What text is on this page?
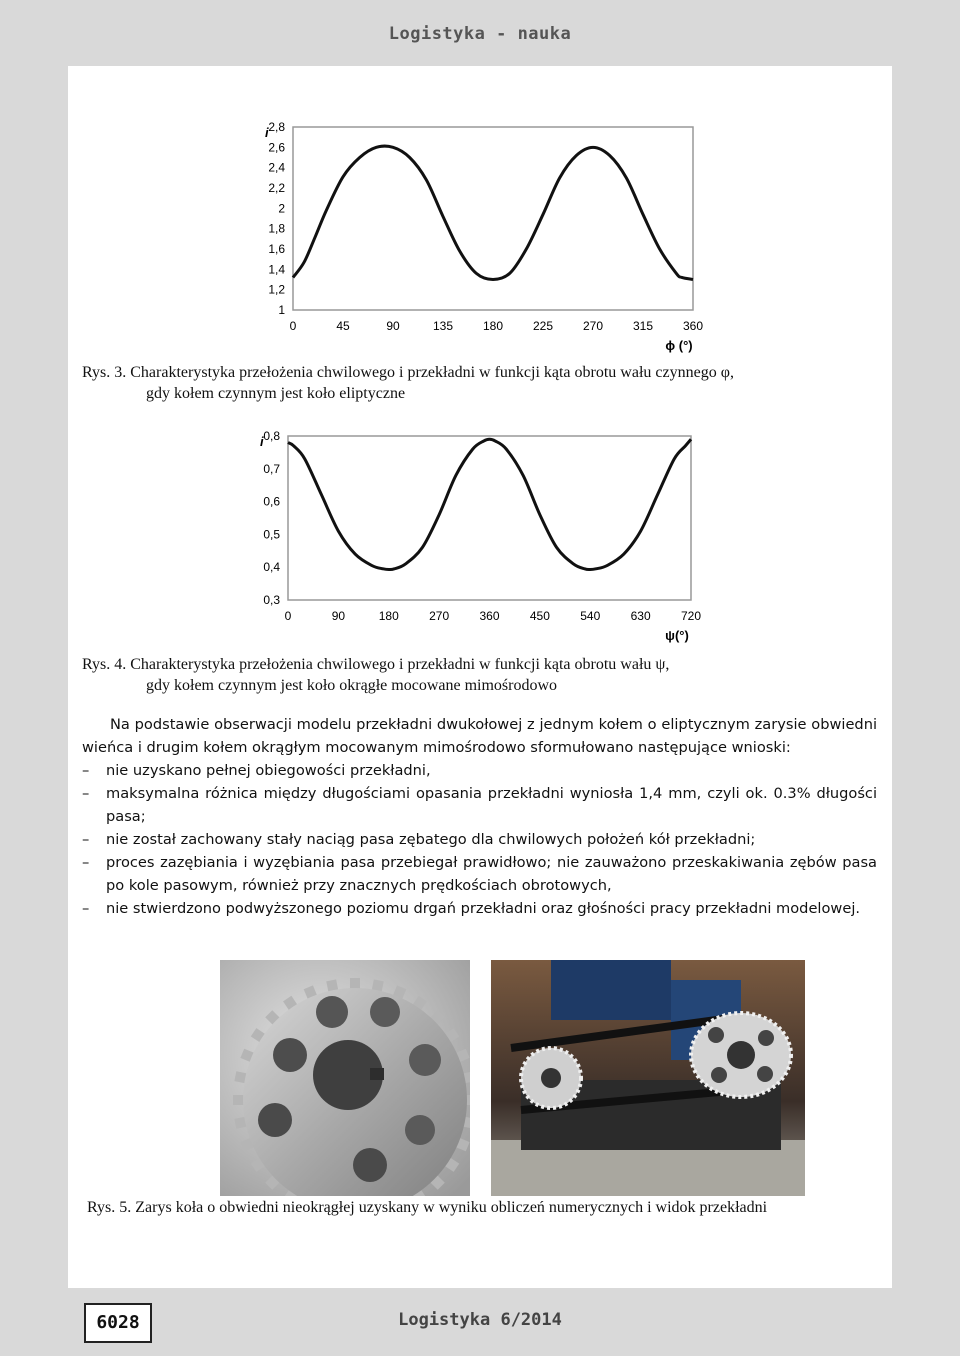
Logistyka - nauka
1
1,2
1,4
1,6
1,8
2
2,2
2,4
2,6
2,8
0	45	90	135 180 225 270 315 360
i
ϕ (°)
Rys. 3. Charakterystyka przełożenia chwilowego i przekładni w funkcji kąta obrotu wału czynnego φ,
gdy kołem czynnym jest koło eliptyczne
0,3
0,4
0,5
0,6
0,7
0,8
0	90	180	270	360	450	540	630	720
i
ψ(°)
Rys. 4. Charakterystyka przełożenia chwilowego i przekładni w funkcji kąta obrotu wału ψ,
gdy kołem czynnym jest koło okrągłe mocowane mimośrodowo

Na podstawie obserwacji modelu przekładni dwukołowej z jednym kołem o eliptycznym zarysie obwiedni wieńca i drugim kołem okrągłym mocowanym mimośrodowo sformułowano następujące wnioski:

– nie uzyskano pełnej obiegowości przekładni,
– maksymalna różnica między długościami opasania przekładni wyniosła 1,4 mm, czyli ok. 0.3% długości pasa;
– nie został zachowany stały naciąg pasa zębatego dla chwilowych położeń kół przekładni;
– proces zazębiania i wyzębiania pasa przebiegał prawidłowo; nie zauważono przeskakiwania zębów pasa po kole pasowym, również przy znacznych prędkościach obrotowych,
– nie stwierdzono podwyższonego poziomu drgań przekładni oraz głośności pracy przekładni modelowej.
Rys. 5. Zarys koła o obwiedni nieokrągłej uzyskany w wyniku obliczeń numerycznych i widok przekładni
6028	Logistyka 6/2014
